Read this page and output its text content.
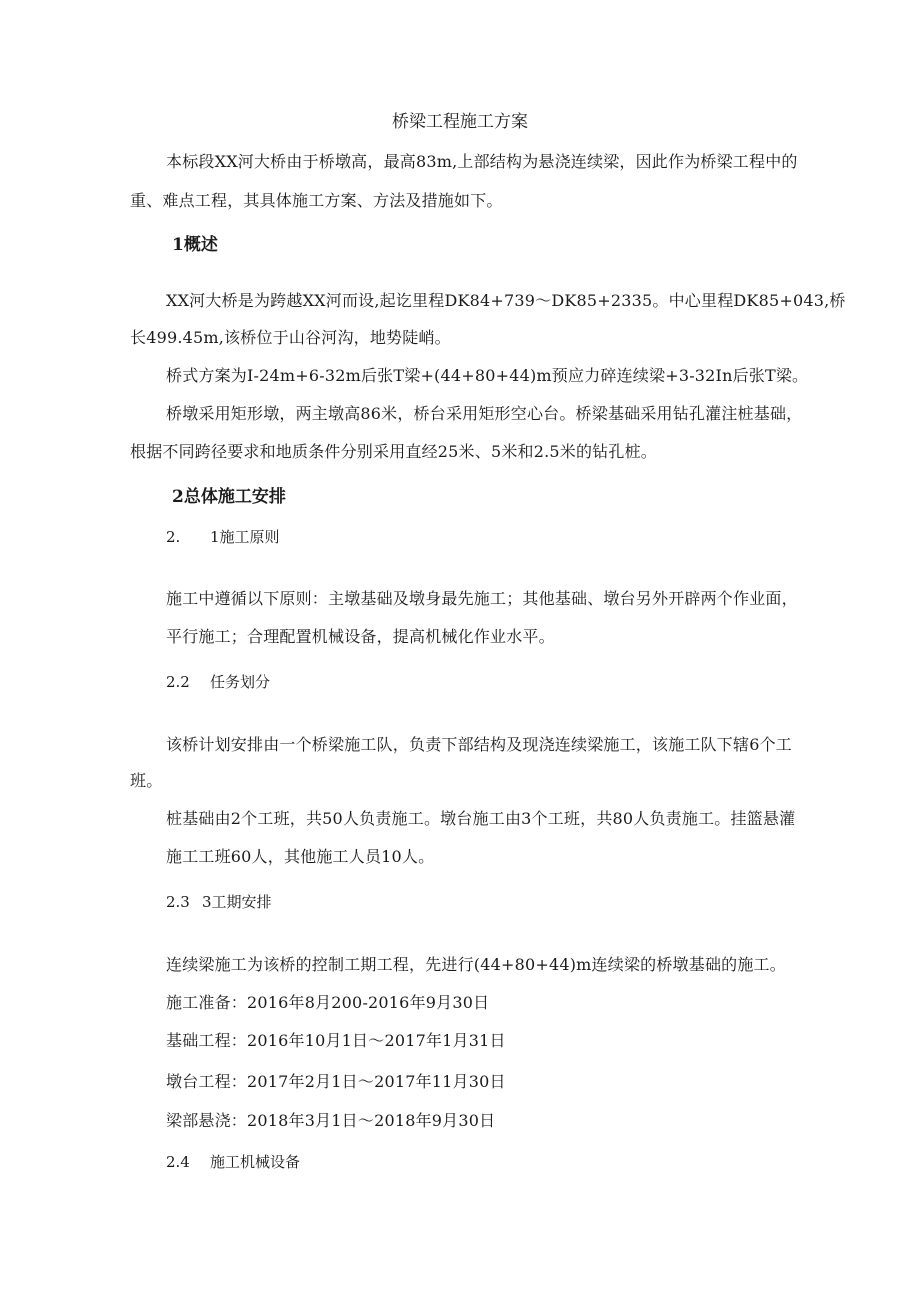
桥梁工程施工方案
本标段XX河大桥由于桥墩高，最高83m,上部结构为悬浇连续梁，因此作为桥梁工程中的
重、难点工程，其具体施工方案、方法及措施如下。
1概述
XX河大桥是为跨越XX河而设,起讫里程DK84+739～DK85+2335。中心里程DK85+043,桥
长499.45m,该桥位于山谷河沟，地势陡峭。
桥式方案为I-24m+6-32m后张T梁+(44+80+44)m预应力碎连续梁+3-32In后张T梁。
桥墩采用矩形墩，两主墩高86米，桥台采用矩形空心台。桥梁基础采用钻孔灌注桩基础，
根据不同跨径要求和地质条件分别采用直经25米、5米和2.5米的钻孔桩。
2总体施工安排
2. 1施工原则
施工中遵循以下原则：主墩基础及墩身最先施工；其他基础、墩台另外开辟两个作业面，
平行施工；合理配置机械设备，提高机械化作业水平。
2.2 任务划分
该桥计划安排由一个桥梁施工队，负责下部结构及现浇连续梁施工，该施工队下辖6个工
班。
桩基础由2个工班，共50人负责施工。墩台施工由3个工班，共80人负责施工。挂篮悬灌
施工工班60人，其他施工人员10人。
2.3 3工期安排
连续梁施工为该桥的控制工期工程，先进行(44+80+44)m连续梁的桥墩基础的施工。
施工准备：2016年8月200-2016年9月30日
基础工程：2016年10月1日～2017年1月31日
墩台工程：2017年2月1日～2017年11月30日
梁部悬浇：2018年3月1日～2018年9月30日
2.4 施工机械设备
